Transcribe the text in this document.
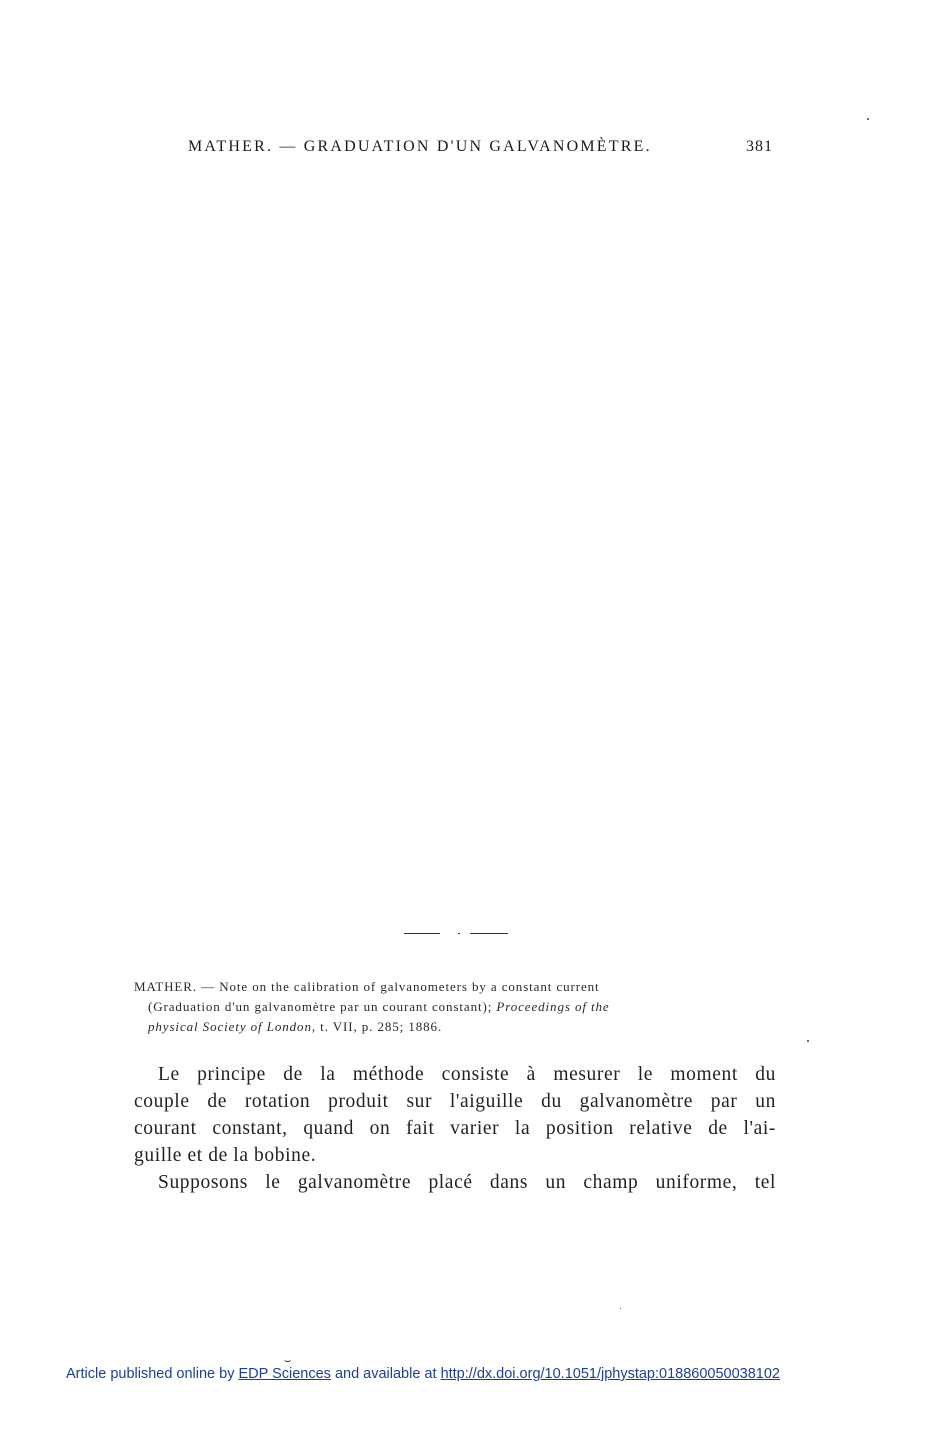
MATHER. — GRADUATION D'UN GALVANOMÈTRE.	381
MATHER. — Note on the calibration of galvanometers by a constant current
(Graduation d'un galvanomètre par un courant constant); Proceedings of the
physical Society of London, t. VII, p. 285; 1886.
Le principe de la méthode consiste à mesurer le moment du
couple de rotation produit sur l'aiguille du galvanomètre par un
courant constant, quand on fait varier la position relative de l'ai-
guille et de la bobine.
Supposons le galvanomètre placé dans un champ uniforme, tel
⌣
Article published online by EDP Sciences and available at http://dx.doi.org/10.1051/jphystap:018860050038102
